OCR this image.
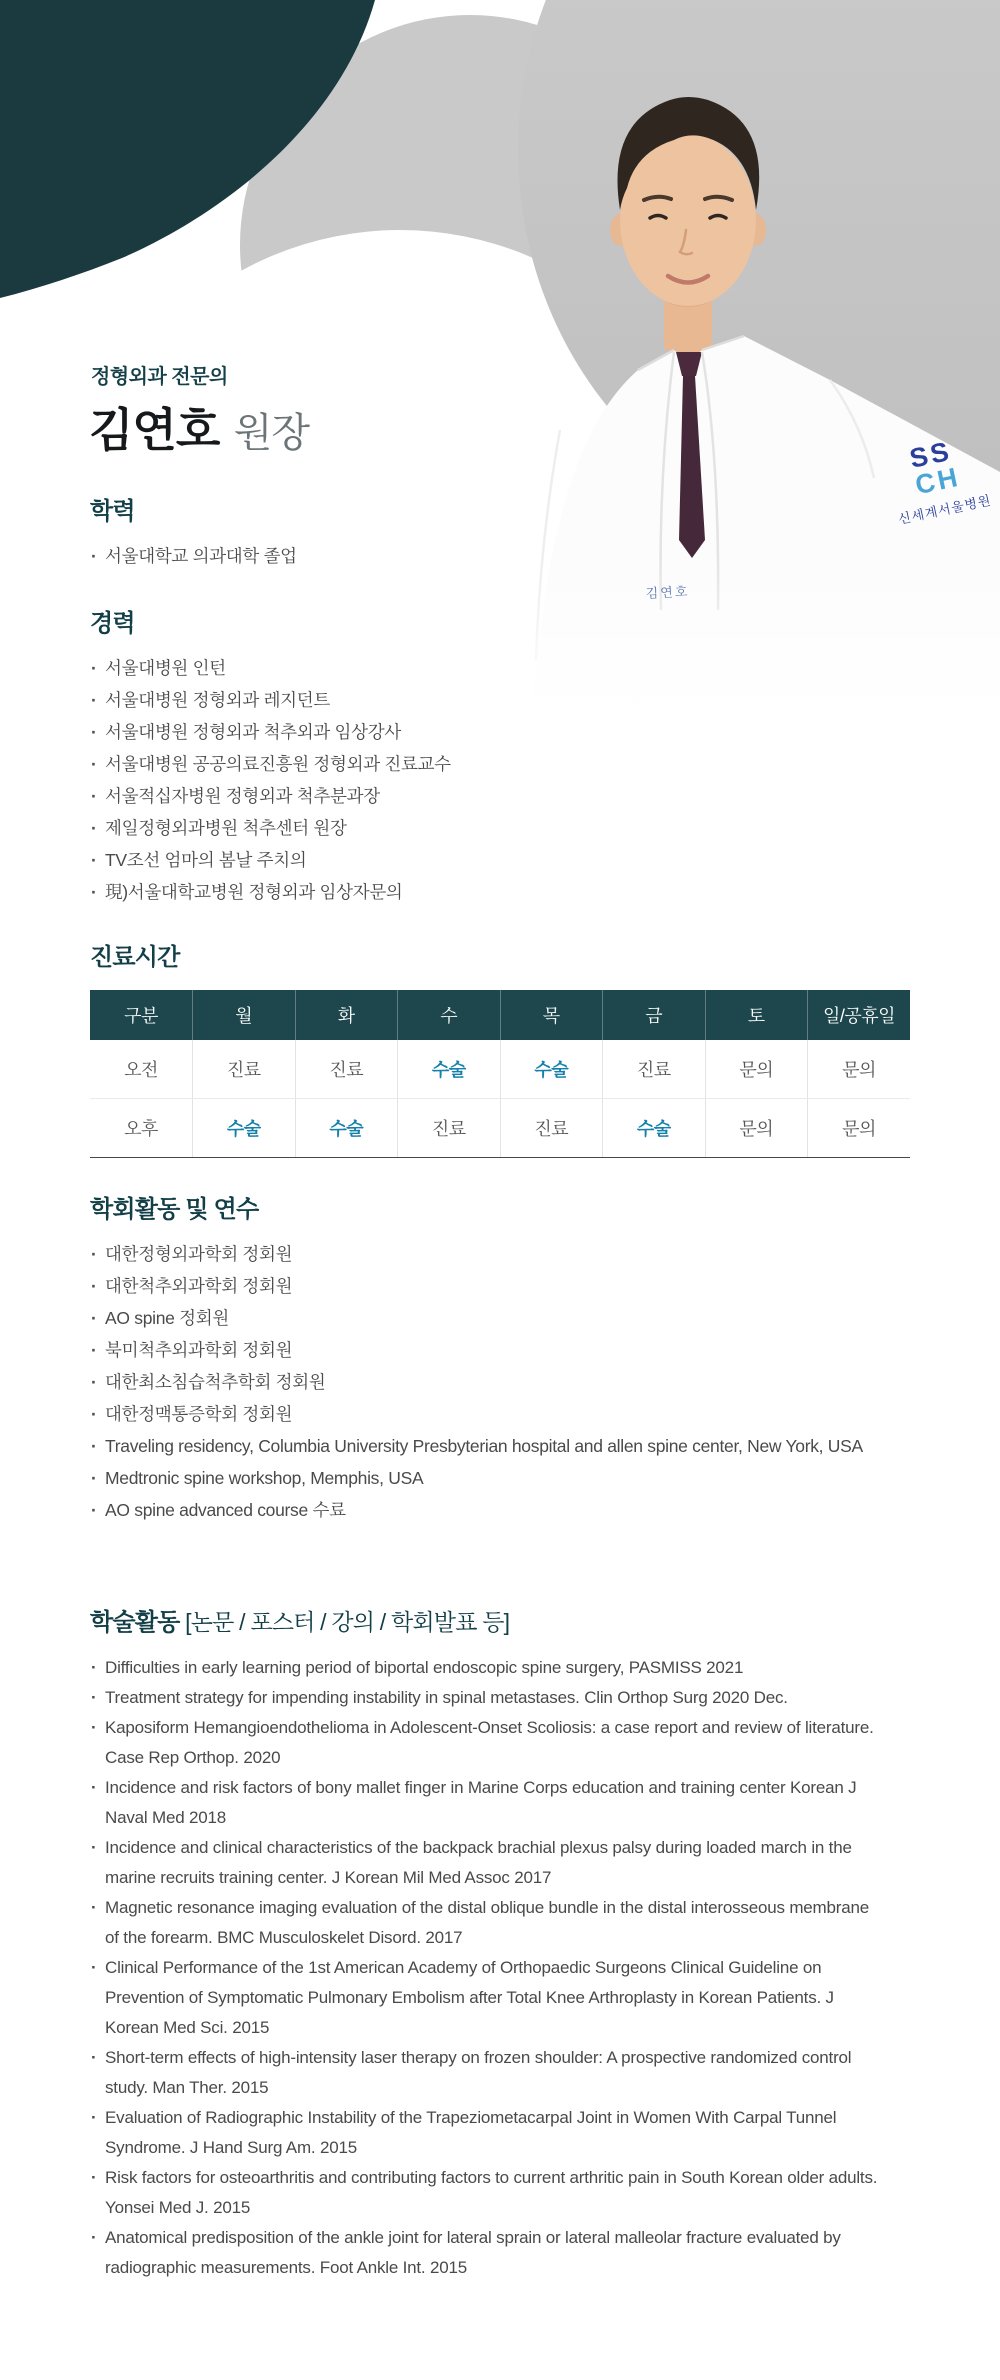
SS
CH
신세계서울병원
정형외과 전문의
김연호 원장
학력
· 서울대학교 의과대학 졸업
경력
· 서울대병원 인턴
· 서울대병원 정형외과 레지던트
· 서울대병원 정형외과 척추외과 임상강사
· 서울대병원 공공의료진흥원 정형외과 진료교수
· 서울적십자병원 정형외과 척추분과장
· 제일정형외과병원 척추센터 원장
· TV조선 엄마의 봄날 주치의
· 現)서울대학교병원 정형외과 임상자문의
진료시간
구분	월	화	수	목	금	토	일/공휴일
오전	진료	진료	수술	수술	진료	문의	문의
오후	수술	수술	진료	진료	수술	문의	문의
학회활동 및 연수
· 대한정형외과학회 정회원
· 대한척추외과학회 정회원
· AO spine 정회원
· 북미척추외과학회 정회원
· 대한최소침습척추학회 정회원
· 대한정맥통증학회 정회원
· Traveling residency, Columbia University Presbyterian hospital and allen spine center, New York, USA
· Medtronic spine workshop, Memphis, USA
· AO spine advanced course 수료
학술활동 [논문 / 포스터 / 강의 / 학회발표 등]
· Difficulties in early learning period of biportal endoscopic spine surgery, PASMISS 2021
· Treatment strategy for impending instability in spinal metastases. Clin Orthop Surg 2020 Dec.
· Kaposiform Hemangioendothelioma in Adolescent-Onset Scoliosis: a case report and review of literature. Case Rep Orthop. 2020
· Incidence and risk factors of bony mallet finger in Marine Corps education and training center Korean J Naval Med 2018
· Incidence and clinical characteristics of the backpack brachial plexus palsy during loaded march in the marine recruits training center. J Korean Mil Med Assoc 2017
· Magnetic resonance imaging evaluation of the distal oblique bundle in the distal interosseous membrane of the forearm. BMC Musculoskelet Disord. 2017
· Clinical Performance of the 1st American Academy of Orthopaedic Surgeons Clinical Guideline on Prevention of Symptomatic Pulmonary Embolism after Total Knee Arthroplasty in Korean Patients. J Korean Med Sci. 2015
· Short-term effects of high-intensity laser therapy on frozen shoulder: A prospective randomized control study. Man Ther. 2015
· Evaluation of Radiographic Instability of the Trapeziometacarpal Joint in Women With Carpal Tunnel Syndrome. J Hand Surg Am. 2015
· Risk factors for osteoarthritis and contributing factors to current arthritic pain in South Korean older adults. Yonsei Med J. 2015
· Anatomical predisposition of the ankle joint for lateral sprain or lateral malleolar fracture evaluated by radiographic measurements. Foot Ankle Int. 2015
